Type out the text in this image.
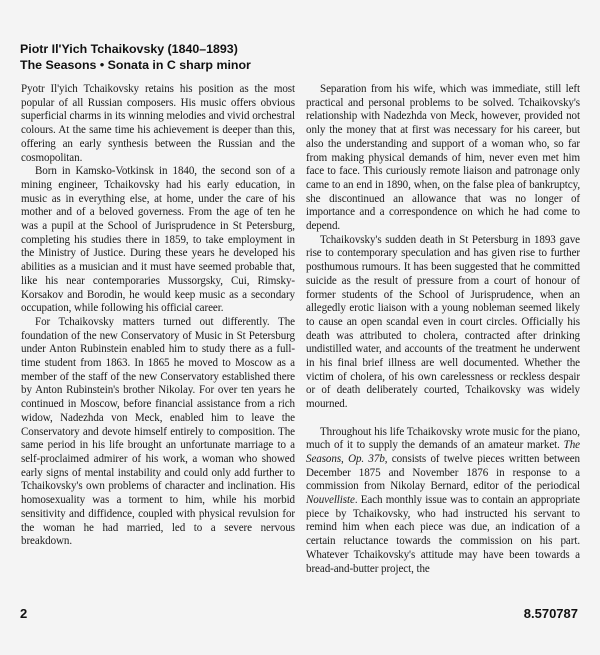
Piotr Il'Yich Tchaikovsky (1840–1893)
The Seasons • Sonata in C sharp minor

Pyotr Il'yich Tchaikovsky retains his position as the most popular of all Russian composers. His music offers obvious superficial charms in its winning melodies and vivid orchestral colours. At the same time his achievement is deeper than this, offering an early synthesis between the Russian and the cosmopolitan.

Born in Kamsko-Votkinsk in 1840, the second son of a mining engineer, Tchaikovsky had his early education, in music as in everything else, at home, under the care of his mother and of a beloved governess. From the age of ten he was a pupil at the School of Jurisprudence in St Petersburg, completing his studies there in 1859, to take employment in the Ministry of Justice. During these years he developed his abilities as a musician and it must have seemed probable that, like his near contemporaries Mussorgsky, Cui, Rimsky-Korsakov and Borodin, he would keep music as a secondary occupation, while following his official career.

For Tchaikovsky matters turned out differently. The foundation of the new Conservatory of Music in St Petersburg under Anton Rubinstein enabled him to study there as a full-time student from 1863. In 1865 he moved to Moscow as a member of the staff of the new Conservatory established there by Anton Rubinstein's brother Nikolay. For over ten years he continued in Moscow, before financial assistance from a rich widow, Nadezhda von Meck, enabled him to leave the Conservatory and devote himself entirely to composition. The same period in his life brought an unfortunate marriage to a self-proclaimed admirer of his work, a woman who showed early signs of mental instability and could only add further to Tchaikovsky's own problems of character and inclination. His homosexuality was a torment to him, while his morbid sensitivity and diffidence, coupled with physical revulsion for the woman he had married, led to a severe nervous breakdown.

Separation from his wife, which was immediate, still left practical and personal problems to be solved. Tchaikovsky's relationship with Nadezhda von Meck, however, provided not only the money that at first was necessary for his career, but also the understanding and support of a woman who, so far from making physical demands of him, never even met him face to face. This curiously remote liaison and patronage only came to an end in 1890, when, on the false plea of bankruptcy, she discontinued an allowance that was no longer of importance and a correspondence on which he had come to depend.

Tchaikovsky's sudden death in St Petersburg in 1893 gave rise to contemporary speculation and has given rise to further posthumous rumours. It has been suggested that he committed suicide as the result of pressure from a court of honour of former students of the School of Jurisprudence, when an allegedly erotic liaison with a young nobleman seemed likely to cause an open scandal even in court circles. Officially his death was attributed to cholera, contracted after drinking undistilled water, and accounts of the treatment he underwent in his final brief illness are well documented. Whether the victim of cholera, of his own carelessness or reckless despair or of death deliberately courted, Tchaikovsky was widely mourned.

Throughout his life Tchaikovsky wrote music for the piano, much of it to supply the demands of an amateur market. The Seasons, Op. 37b, consists of twelve pieces written between December 1875 and November 1876 in response to a commission from Nikolay Bernard, editor of the periodical Nouvelliste. Each monthly issue was to contain an appropriate piece by Tchaikovsky, who had instructed his servant to remind him when each piece was due, an indication of a certain reluctance towards the commission on his part. Whatever Tchaikovsky's attitude may have been towards a bread-and-butter project, the

2	8.570787
